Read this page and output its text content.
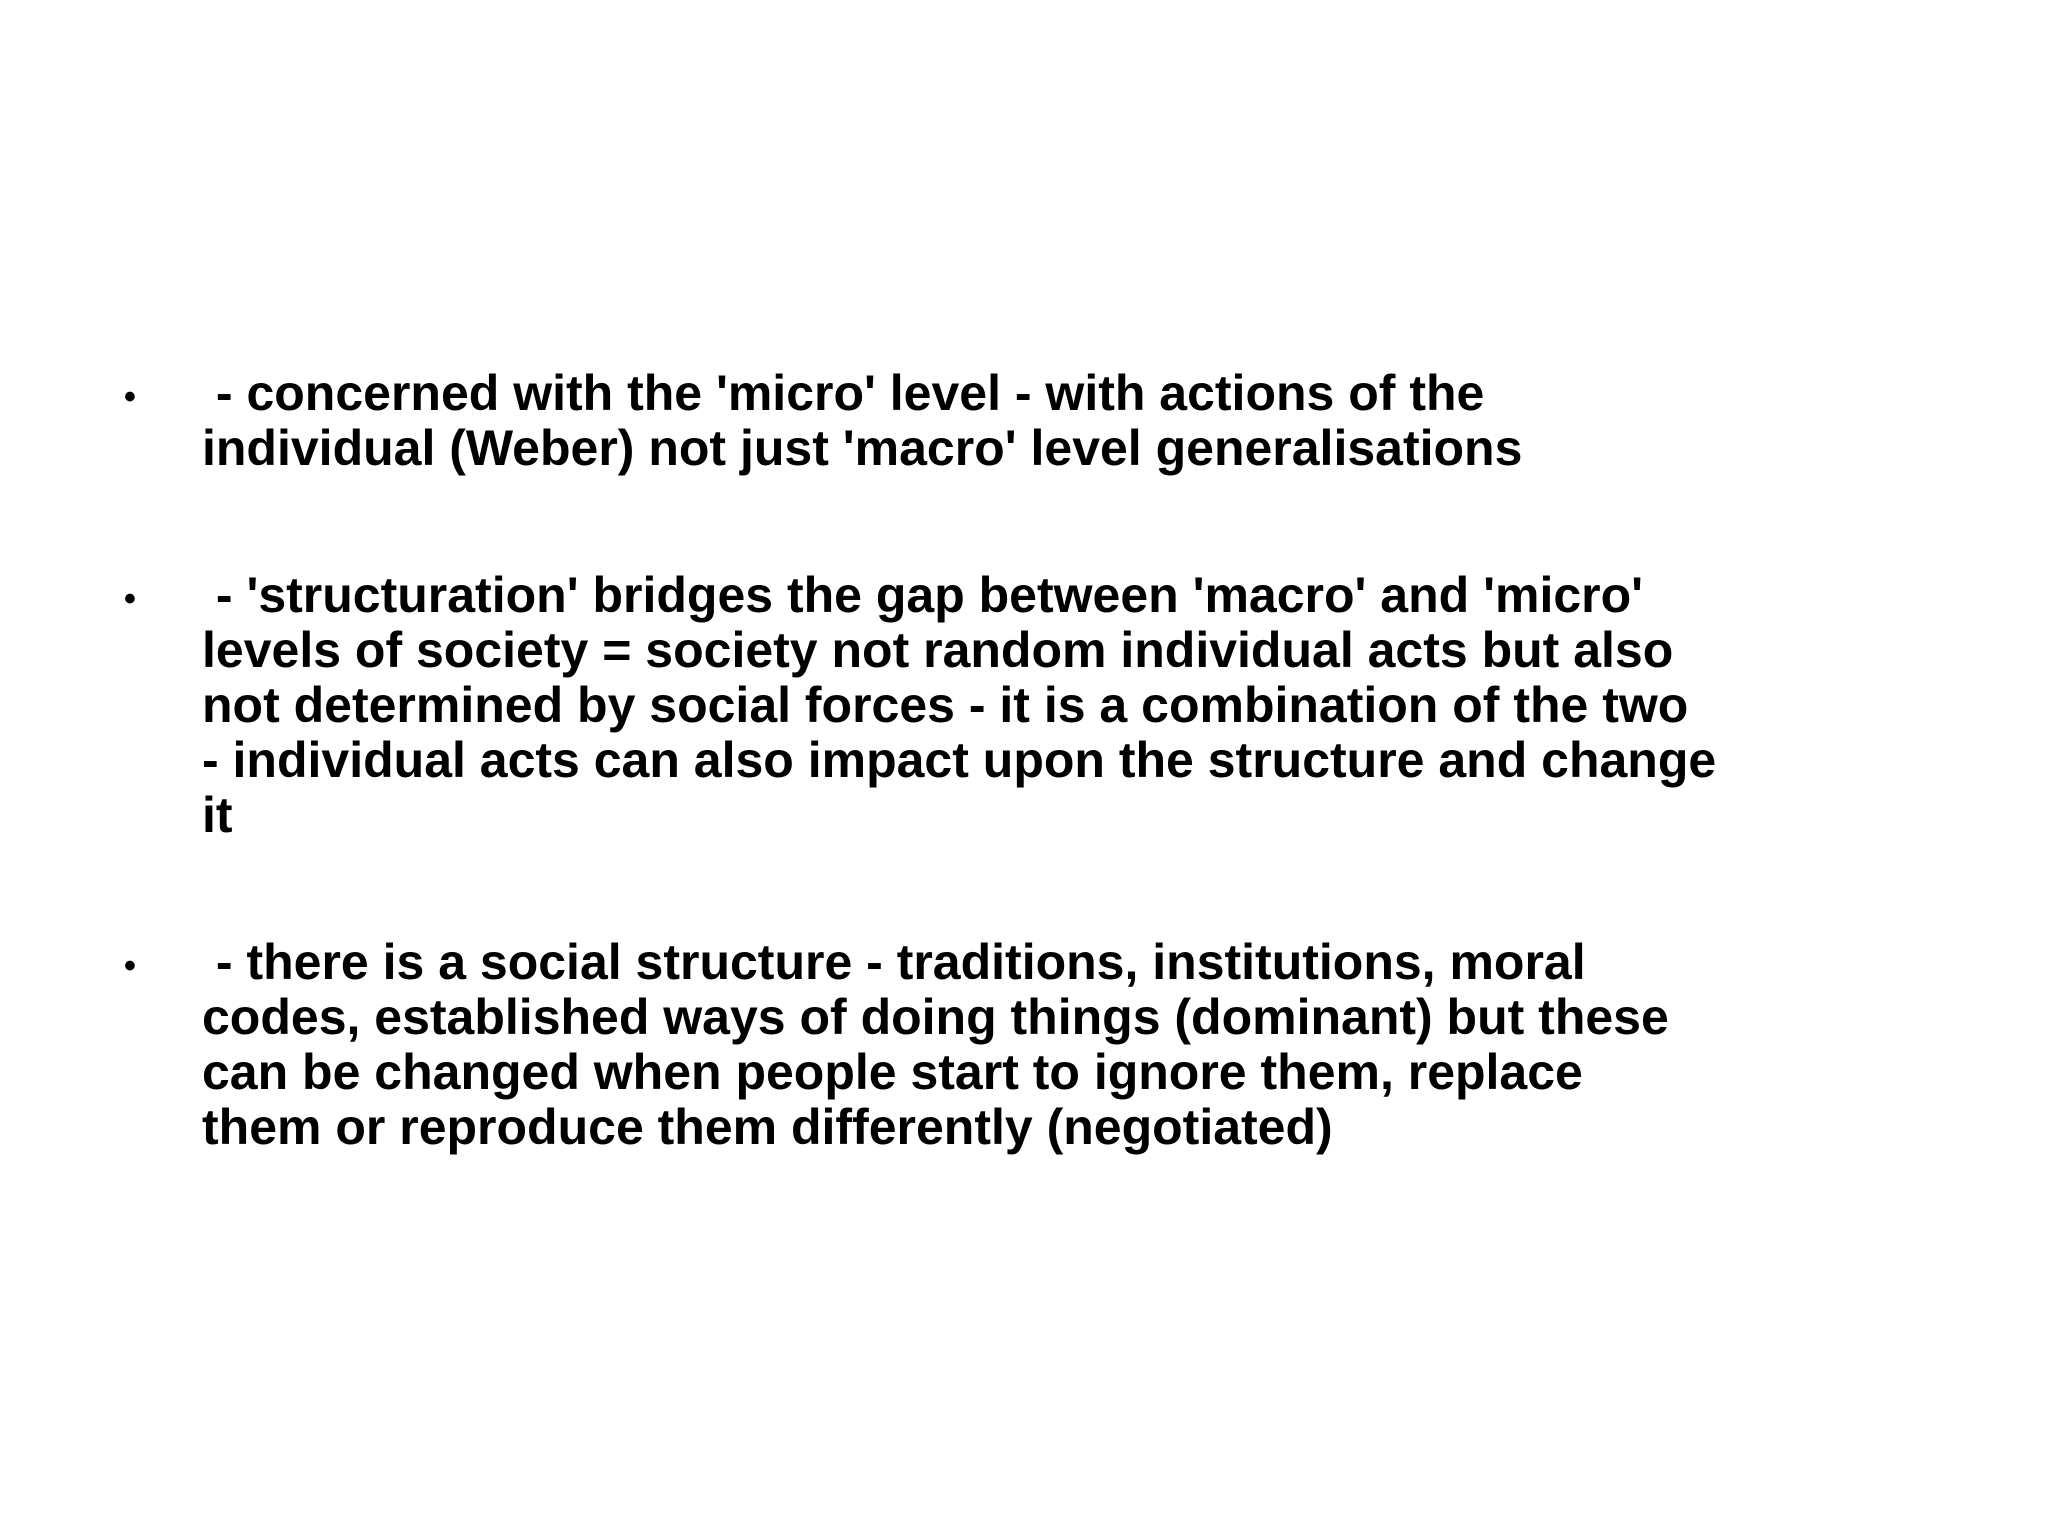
• - concerned with the 'micro' level - with actions of the
individual (Weber) not just 'macro' level generalisations
• - 'structuration' bridges the gap between 'macro' and 'micro'
levels of society = society not random individual acts but also
not determined by social forces - it is a combination of the two
- individual acts can also impact upon the structure and change
it
• - there is a social structure - traditions, institutions, moral
codes, established ways of doing things (dominant) but these
can be changed when people start to ignore them, replace
them or reproduce them differently (negotiated)
